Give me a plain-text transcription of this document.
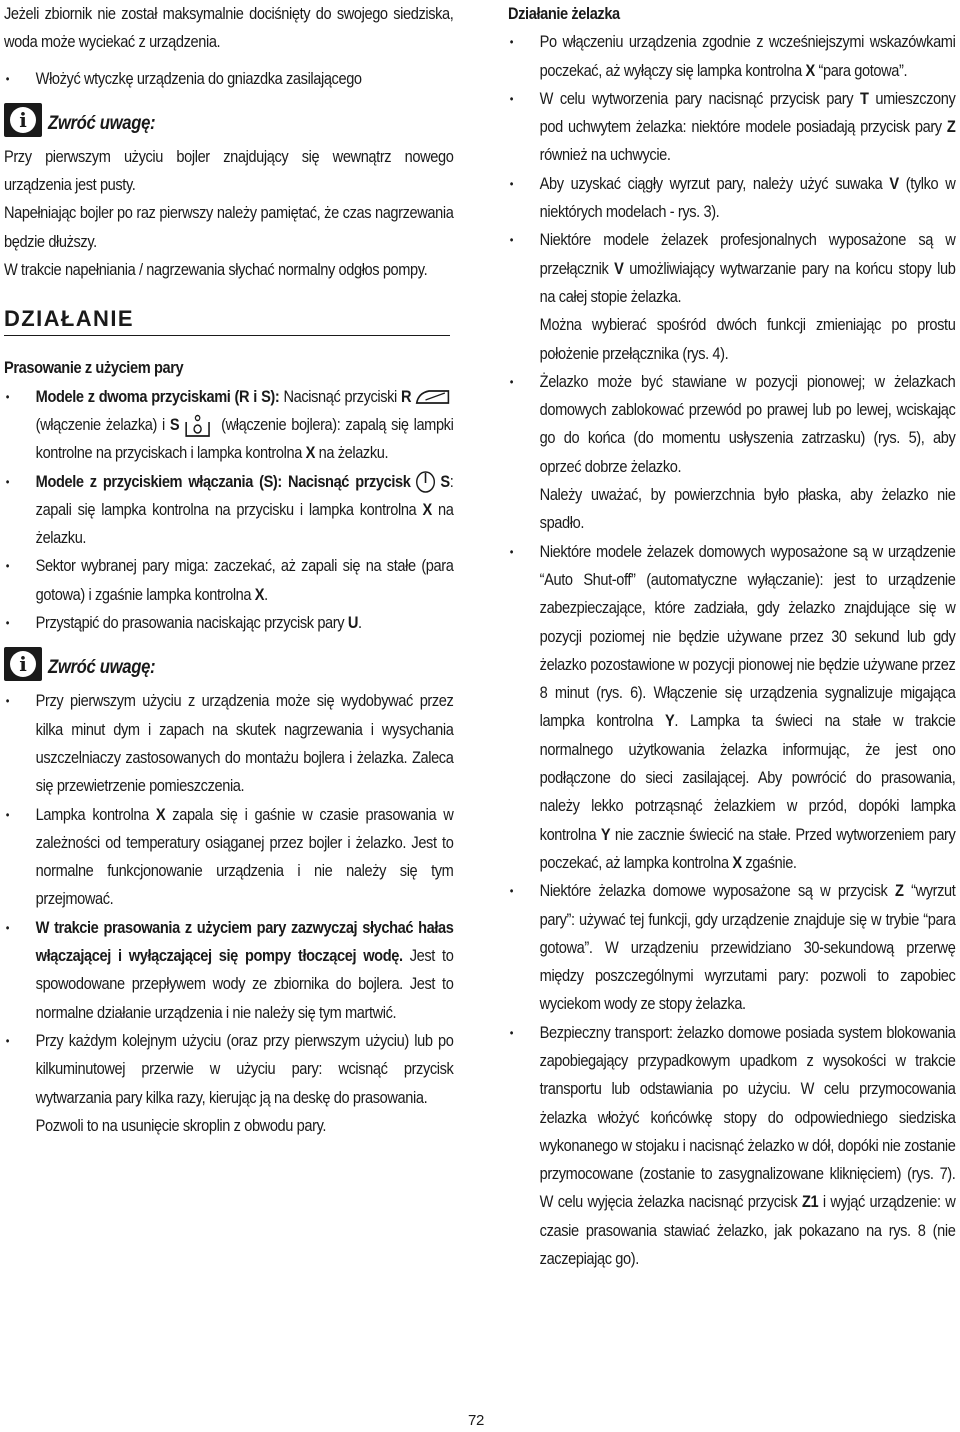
Jeżeli zbiornik nie został maksymalnie dociśnięty do swojego siedziska, woda może wyciekać z urządzenia.

• Włożyć wtyczkę urządzenia do gniazdka zasilającego
i	Zwróć uwagę:

Przy pierwszym użyciu bojler znajdujący się wewnątrz nowego urządzenia jest pusty.

Napełniając bojler po raz pierwszy należy pamiętać, że czas nagrzewania będzie dłuższy.

W trakcie napełniania / nagrzewania słychać normalny odgłos pompy.

DZIAŁANIE

Prasowanie z użyciem pary

• Modele z dwoma przyciskami (R i S): Nacisnąć przyciski R (włączenie żelazka) i S (włączenie bojlera): zapalą się lampki kontrolne na przyciskach i lampka kontrolna X na żelazku.
• Modele z przyciskiem włączania (S): Nacisnąć przycisk S: zapali się lampka kontrolna na przycisku i lampka kontrolna X na żelazku.
• Sektor wybranej pary miga: zaczekać, aż zapali się na stałe (para gotowa) i zgaśnie lampka kontrolna X.
• Przystąpić do prasowania naciskając przycisk pary U.
i	Zwróć uwagę:
• Przy pierwszym użyciu z urządzenia może się wydobywać przez kilka minut dym i zapach na skutek nagrzewania i wysychania uszczelniaczy zastosowanych do montażu bojlera i żelazka. Zaleca się przewietrzenie pomieszczenia.
• Lampka kontrolna X zapala się i gaśnie w czasie prasowania w zależności od temperatury osiąganej przez bojler i żelazko. Jest to normalne funkcjonowanie urządzenia i nie należy się tym przejmować.
• W trakcie prasowania z użyciem pary zazwyczaj słychać hałas włączającej i wyłączającej się pompy tłoczącej wodę. Jest to spowodowane przepływem wody ze zbiornika do bojlera. Jest to normalne działanie urządzenia i nie należy się tym martwić.
• Przy każdym kolejnym użyciu (oraz przy pierwszym użyciu) lub po kilkuminutowej przerwie w użyciu pary: wcisnąć przycisk wytwarzania pary kilka razy, kierując ją na deskę do prasowania.
Pozwoli to na usunięcie skroplin z obwodu pary.

Działanie żelazka

• Po włączeniu urządzenia zgodnie z wcześniejszymi wskazówkami poczekać, aż wyłączy się lampka kontrolna X “para gotowa”.
• W celu wytworzenia pary nacisnąć przycisk pary T umieszczony pod uchwytem żelazka: niektóre modele posiadają przycisk pary Z również na uchwycie.
• Aby uzyskać ciągły wyrzut pary, należy użyć suwaka V (tylko w niektórych modelach - rys. 3).
• Niektóre modele żelazek profesjonalnych wyposażone są w przełącznik V umożliwiający wytwarzanie pary na końcu stopy lub na całej stopie żelazka.
Można wybierać spośród dwóch funkcji zmieniając po prostu położenie przełącznika (rys. 4).
• Żelazko może być stawiane w pozycji pionowej; w żelazkach domowych zablokować przewód po prawej lub po lewej, wciskając go do końca (do momentu usłyszenia zatrzasku) (rys. 5), aby oprzeć dobrze żelazko.
Należy uważać, by powierzchnia było płaska, aby żelazko nie spadło.
• Niektóre modele żelazek domowych wyposażone są w urządzenie “Auto Shut-off” (automatyczne wyłączanie): jest to urządzenie zabezpieczające, które zadziała, gdy żelazko znajdujące się w pozycji poziomej nie będzie używane przez 30 sekund lub gdy żelazko pozostawione w pozycji pionowej nie będzie używane przez 8 minut (rys. 6). Włączenie się urządzenia sygnalizuje migająca lampka kontrolna Y. Lampka ta świeci na stałe w trakcie normalnego użytkowania żelazka informując, że jest ono podłączone do sieci zasilającej. Aby powrócić do prasowania, należy lekko potrząsnąć żelazkiem w przód, dopóki lampka kontrolna Y nie zacznie świecić na stałe. Przed wytworzeniem pary poczekać, aż lampka kontrolna X zgaśnie.
• Niektóre żelazka domowe wyposażone są w przycisk Z “wyrzut pary”: używać tej funkcji, gdy urządzenie znajduje się w trybie “para gotowa”. W urządzeniu przewidziano 30-sekundową przerwę między poszczególnymi wyrzutami pary: pozwoli to zapobiec wyciekom wody ze stopy żelazka.
• Bezpieczny transport: żelazko domowe posiada system blokowania zapobiegający przypadkowym upadkom z wysokości w trakcie transportu lub odstawiania po użyciu. W celu przymocowania żelazka włożyć końcówkę stopy do odpowiedniego siedziska wykonanego w stojaku i nacisnąć żelazko w dół, dopóki nie zostanie przymocowane (zostanie to zasygnalizowane kliknięciem) (rys. 7). W celu wyjęcia żelazka nacisnąć przycisk Z1 i wyjąć urządzenie: w czasie prasowania stawiać żelazko, jak pokazano na rys. 8 (nie zaczepiając go).
72
